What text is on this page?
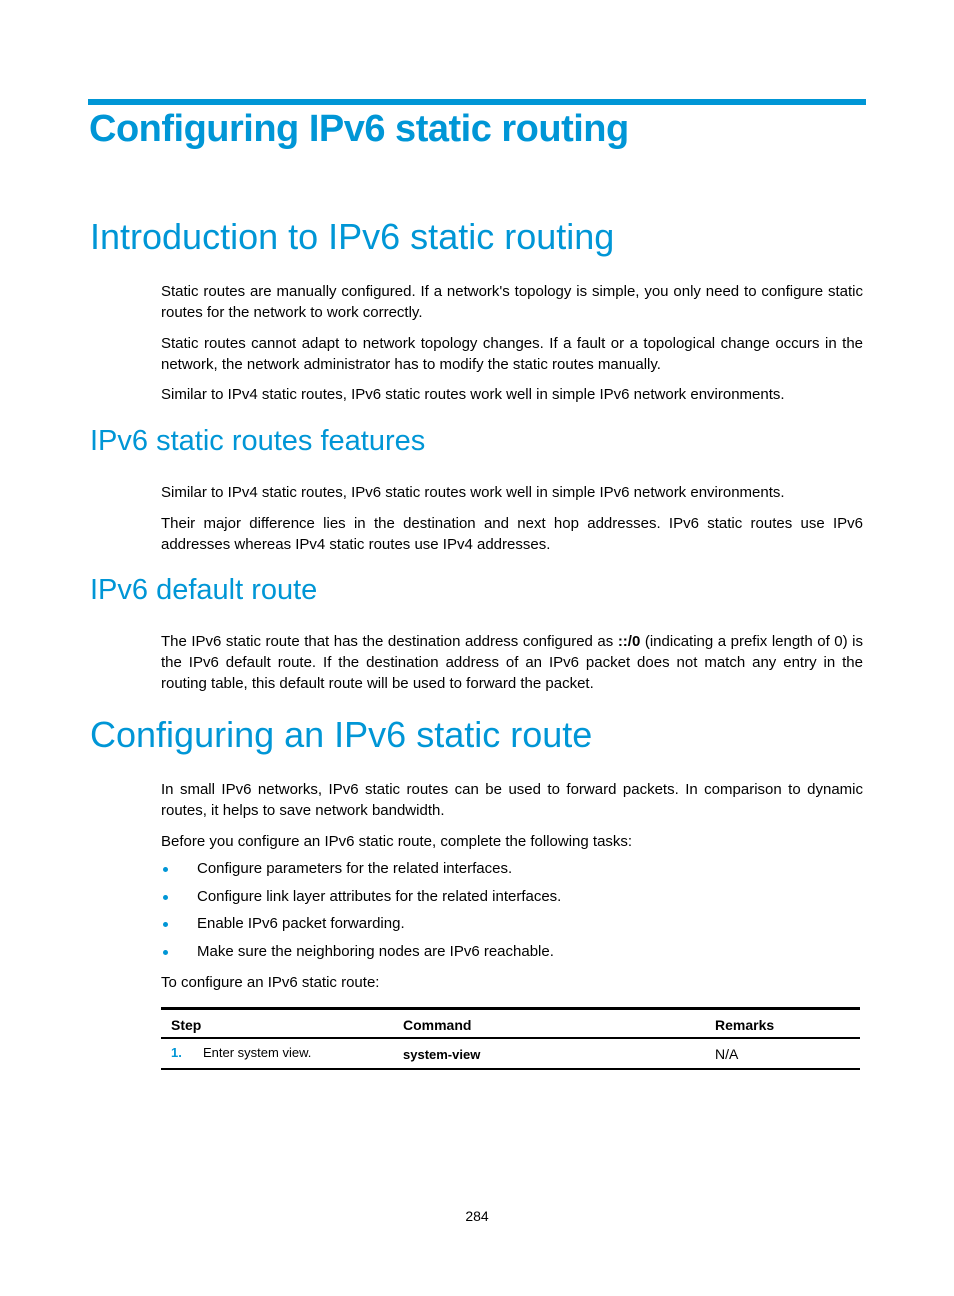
Configuring IPv6 static routing
Introduction to IPv6 static routing

Static routes are manually configured. If a network's topology is simple, you only need to configure static routes for the network to work correctly.

Static routes cannot adapt to network topology changes. If a fault or a topological change occurs in the network, the network administrator has to modify the static routes manually.

Similar to IPv4 static routes, IPv6 static routes work well in simple IPv6 network environments.

IPv6 static routes features

Similar to IPv4 static routes, IPv6 static routes work well in simple IPv6 network environments.

Their major difference lies in the destination and next hop addresses. IPv6 static routes use IPv6 addresses whereas IPv4 static routes use IPv4 addresses.

IPv6 default route

The IPv6 static route that has the destination address configured as ::/0 (indicating a prefix length of 0) is the IPv6 default route. If the destination address of an IPv6 packet does not match any entry in the routing table, this default route will be used to forward the packet.

Configuring an IPv6 static route

In small IPv6 networks, IPv6 static routes can be used to forward packets. In comparison to dynamic routes, it helps to save network bandwidth.

Before you configure an IPv6 static route, complete the following tasks:

Configure parameters for the related interfaces.
Configure link layer attributes for the related interfaces.
Enable IPv6 packet forwarding.
Make sure the neighboring nodes are IPv6 reachable.

To configure an IPv6 static route:

Step	Command	Remarks
1. Enter system view.	system-view	N/A
284
